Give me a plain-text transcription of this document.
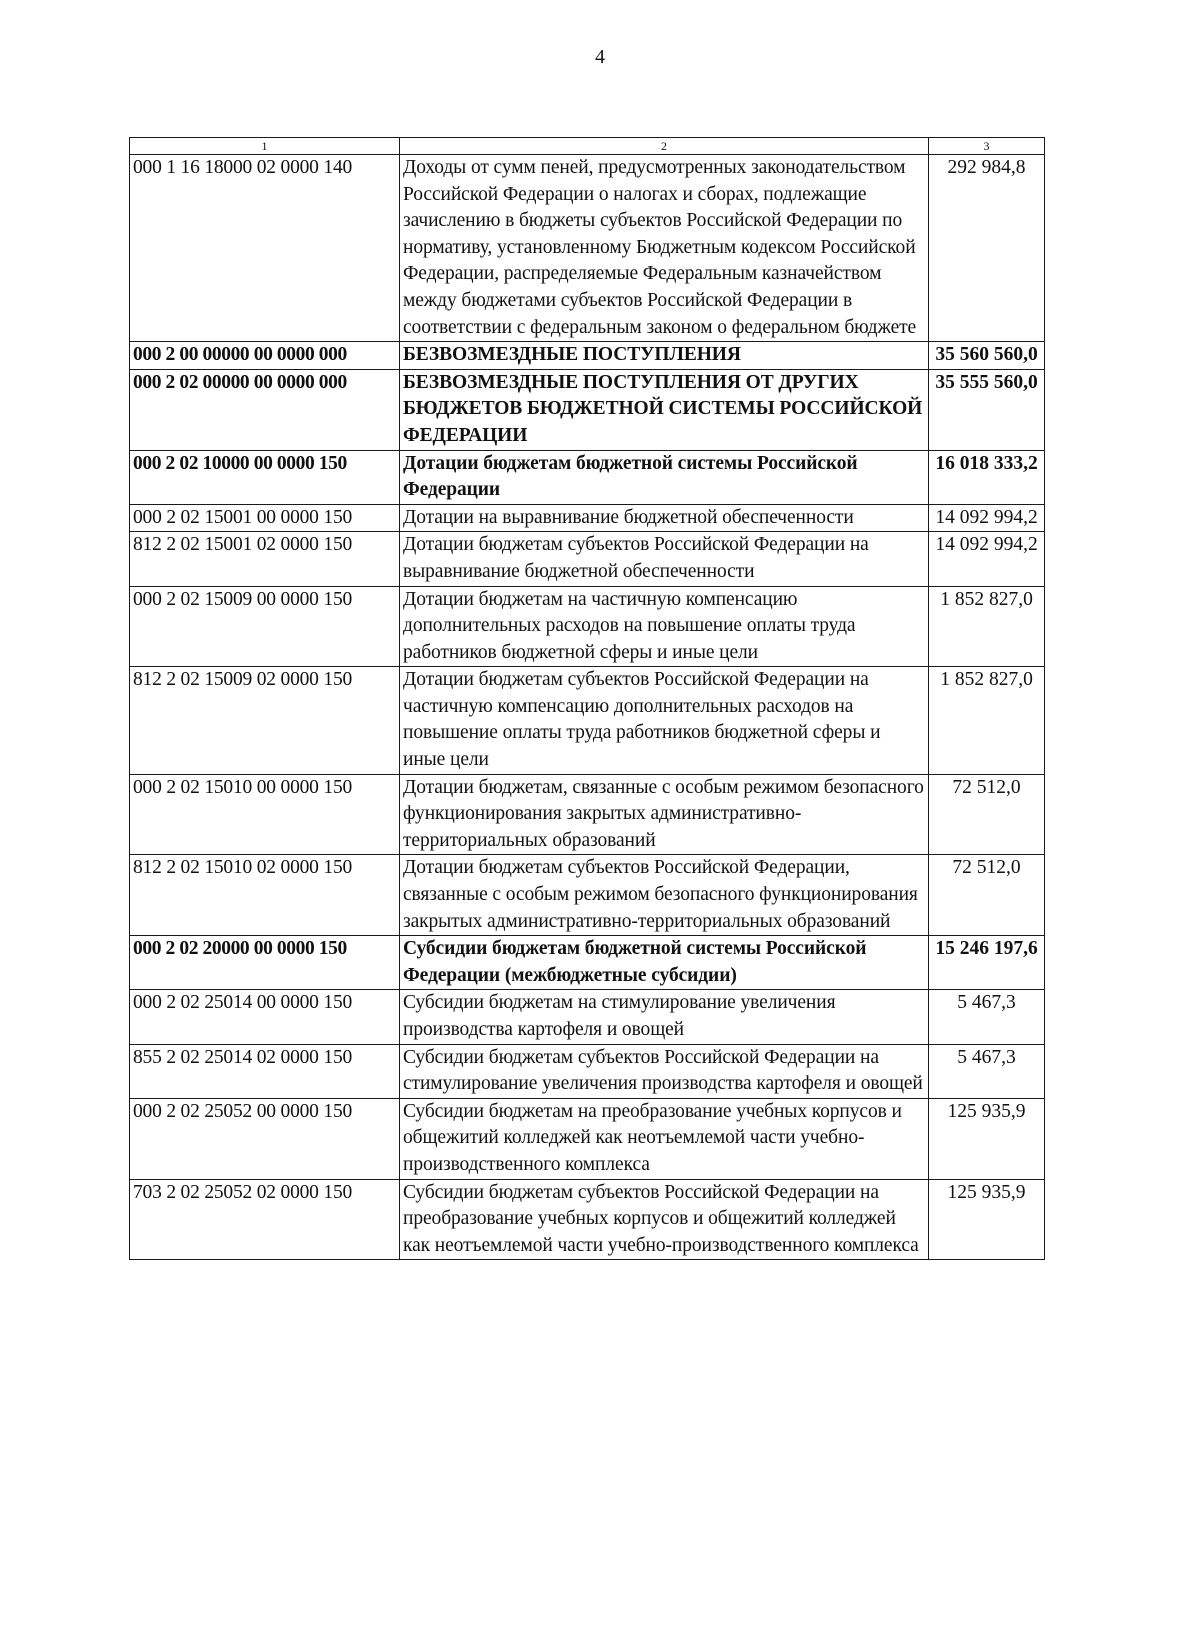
4
1	2	3
000 1 16 18000 02 0000 140	Доходы от сумм пеней, предусмотренных законодательством Российской Федерации о налогах и сборах, подлежащие зачислению в бюджеты субъектов Российской Федерации по нормативу, установленному Бюджетным кодексом Российской Федерации, распределяемые Федеральным казначейством между бюджетами субъектов Российской Федерации в соответствии с федеральным законом о федеральном бюджете	292 984,8
000 2 00 00000 00 0000 000	БЕЗВОЗМЕЗДНЫЕ ПОСТУПЛЕНИЯ	35 560 560,0
000 2 02 00000 00 0000 000	БЕЗВОЗМЕЗДНЫЕ ПОСТУПЛЕНИЯ ОТ ДРУГИХ БЮДЖЕТОВ БЮДЖЕТНОЙ СИСТЕМЫ РОССИЙСКОЙ ФЕДЕРАЦИИ	35 555 560,0
000 2 02 10000 00 0000 150	Дотации бюджетам бюджетной системы Российской Федерации	16 018 333,2
000 2 02 15001 00 0000 150	Дотации на выравнивание бюджетной обеспеченности	14 092 994,2
812 2 02 15001 02 0000 150	Дотации бюджетам субъектов Российской Федерации на выравнивание бюджетной обеспеченности	14 092 994,2
000 2 02 15009 00 0000 150	Дотации бюджетам на частичную компенсацию дополнительных расходов на повышение оплаты труда работников бюджетной сферы и иные цели	1 852 827,0
812 2 02 15009 02 0000 150	Дотации бюджетам субъектов Российской Федерации на частичную компенсацию дополнительных расходов на повышение оплаты труда работников бюджетной сферы и иные цели	1 852 827,0
000 2 02 15010 00 0000 150	Дотации бюджетам, связанные с особым режимом безопасного функционирования закрытых административно-территориальных образований	72 512,0
812 2 02 15010 02 0000 150	Дотации бюджетам субъектов Российской Федерации, связанные с особым режимом безопасного функционирования закрытых административно-территориальных образований	72 512,0
000 2 02 20000 00 0000 150	Субсидии бюджетам бюджетной системы Российской Федерации (межбюджетные субсидии)	15 246 197,6
000 2 02 25014 00 0000 150	Субсидии бюджетам на стимулирование увеличения производства картофеля и овощей	5 467,3
855 2 02 25014 02 0000 150	Субсидии бюджетам субъектов Российской Федерации на стимулирование увеличения производства картофеля и овощей	5 467,3
000 2 02 25052 00 0000 150	Субсидии бюджетам на преобразование учебных корпусов и общежитий колледжей как неотъемлемой части учебно-производственного комплекса	125 935,9
703 2 02 25052 02 0000 150	Субсидии бюджетам субъектов Российской Федерации на преобразование учебных корпусов и общежитий колледжей как неотъемлемой части учебно-производственного комплекса	125 935,9
